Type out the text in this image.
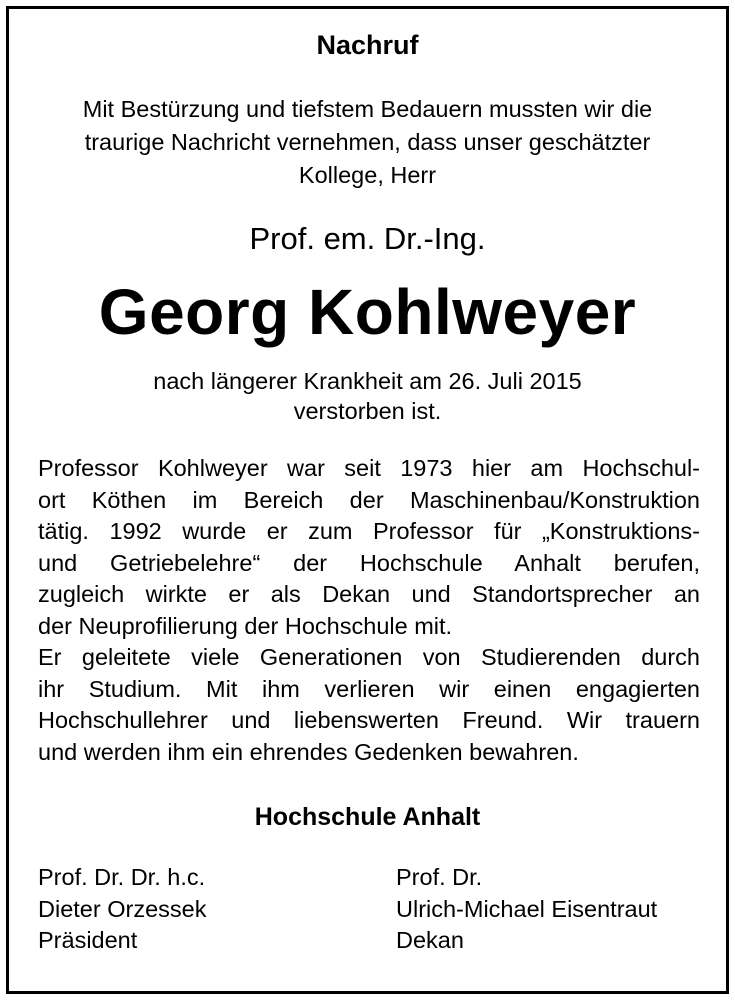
Nachruf
Mit Bestürzung und tiefstem Bedauern mussten wir die
traurige Nachricht vernehmen, dass unser geschätzter
Kollege, Herr
Prof. em. Dr.-Ing.
Georg Kohlweyer
nach längerer Krankheit am 26. Juli 2015
verstorben ist.
Professor Kohlweyer war seit 1973 hier am Hochschul-
ort Köthen im Bereich der Maschinenbau/Konstruktion
tätig. 1992 wurde er zum Professor für „Konstruktions-
und Getriebelehre“ der Hochschule Anhalt berufen,
zugleich wirkte er als Dekan und Standortsprecher an
der Neuprofilierung der Hochschule mit.
Er geleitete viele Generationen von Studierenden durch
ihr Studium. Mit ihm verlieren wir einen engagierten
Hochschullehrer und liebenswerten Freund. Wir trauern
und werden ihm ein ehrendes Gedenken bewahren.
Hochschule Anhalt
Prof. Dr. Dr. h.c.
Dieter Orzessek
Präsident
Prof. Dr.
Ulrich-Michael Eisentraut
Dekan
